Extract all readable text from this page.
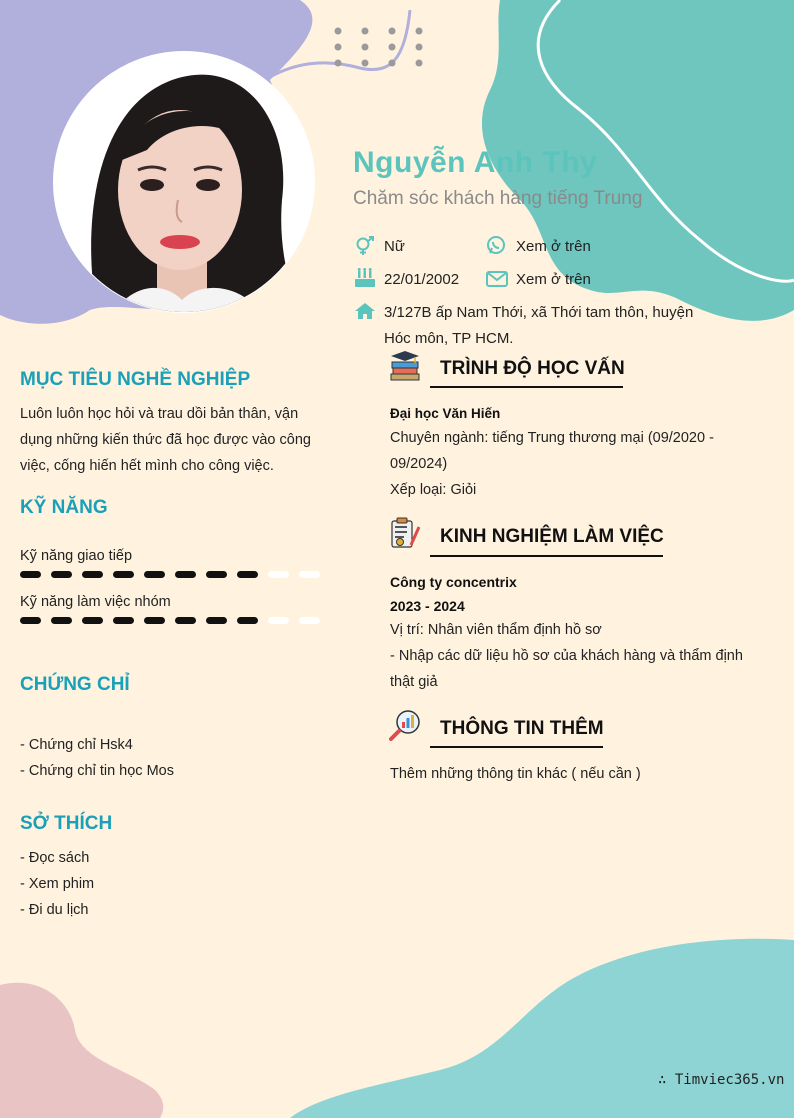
Nguyễn Anh Thy
Chăm sóc khách hàng tiếng Trung
Nữ	Xem ở trên
22/01/2002	Xem ở trên
3/127B ấp Nam Thới, xã Thới tam thôn, huyện
Hóc môn, TP HCM.
MỤC TIÊU NGHỀ NGHIỆP
Luôn luôn học hỏi và trau dồi bản thân, vận
dụng những kiến thức đã học được vào công
việc, cống hiến hết mình cho công việc.
KỸ NĂNG
Kỹ năng giao tiếp
Kỹ năng làm việc nhóm
CHỨNG CHỈ
- Chứng chỉ Hsk4
- Chứng chỉ tin học Mos
SỞ THÍCH
- Đọc sách
- Xem phim
- Đi du lịch
TRÌNH ĐỘ HỌC VẤN
Đại học Văn Hiến
Chuyên ngành: tiếng Trung thương mại (09/2020 -
09/2024)
Xếp loại: Giỏi
KINH NGHIỆM LÀM VIỆC
Công ty concentrix
2023 - 2024
Vị trí: Nhân viên thẩm định hồ sơ
- Nhập các dữ liệu hồ sơ của khách hàng và thẩm định
thật giả
THÔNG TIN THÊM
Thêm những thông tin khác ( nếu cần )
∴ Timviec365.vn
